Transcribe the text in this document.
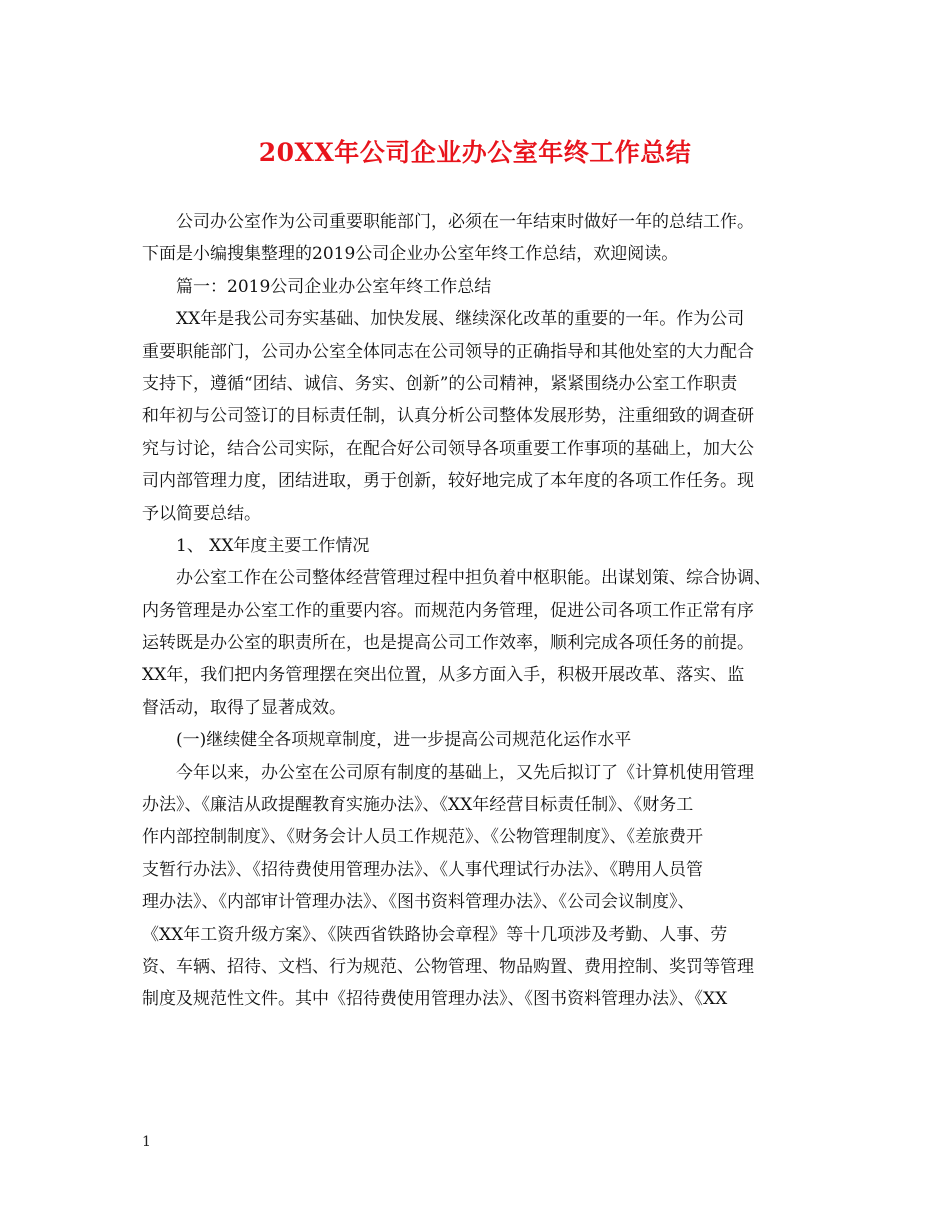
20XX年公司企业办公室年终工作总结
公司办公室作为公司重要职能部门，必须在一年结束时做好一年的总结工作。
下面是小编搜集整理的2019公司企业办公室年终工作总结，欢迎阅读。
篇一：2019公司企业办公室年终工作总结
XX年是我公司夯实基础、加快发展、继续深化改革的重要的一年。作为公司
重要职能部门，公司办公室全体同志在公司领导的正确指导和其他处室的大力配合
支持下，遵循“团结、诚信、务实、创新”的公司精神，紧紧围绕办公室工作职责
和年初与公司签订的目标责任制，认真分析公司整体发展形势，注重细致的调查研
究与讨论，结合公司实际，在配合好公司领导各项重要工作事项的基础上，加大公
司内部管理力度，团结进取，勇于创新，较好地完成了本年度的各项工作任务。现
予以简要总结。
1、 XX年度主要工作情况
办公室工作在公司整体经营管理过程中担负着中枢职能。出谋划策、综合协调、
内务管理是办公室工作的重要内容。而规范内务管理，促进公司各项工作正常有序
运转既是办公室的职责所在，也是提高公司工作效率，顺利完成各项任务的前提。
XX年，我们把内务管理摆在突出位置，从多方面入手，积极开展改革、落实、监
督活动，取得了显著成效。
(一)继续健全各项规章制度，进一步提高公司规范化运作水平
今年以来，办公室在公司原有制度的基础上，又先后拟订了《计算机使用管理
办法》、《廉洁从政提醒教育实施办法》、《XX年经营目标责任制》、《财务工
作内部控制制度》、《财务会计人员工作规范》、《公物管理制度》、《差旅费开
支暂行办法》、《招待费使用管理办法》、《人事代理试行办法》、《聘用人员管
理办法》、《内部审计管理办法》、《图书资料管理办法》、《公司会议制度》、
《XX年工资升级方案》、《陕西省铁路协会章程》等十几项涉及考勤、人事、劳
资、车辆、招待、文档、行为规范、公物管理、物品购置、费用控制、奖罚等管理
制度及规范性文件。其中《招待费使用管理办法》、《图书资料管理办法》、《XX
1
